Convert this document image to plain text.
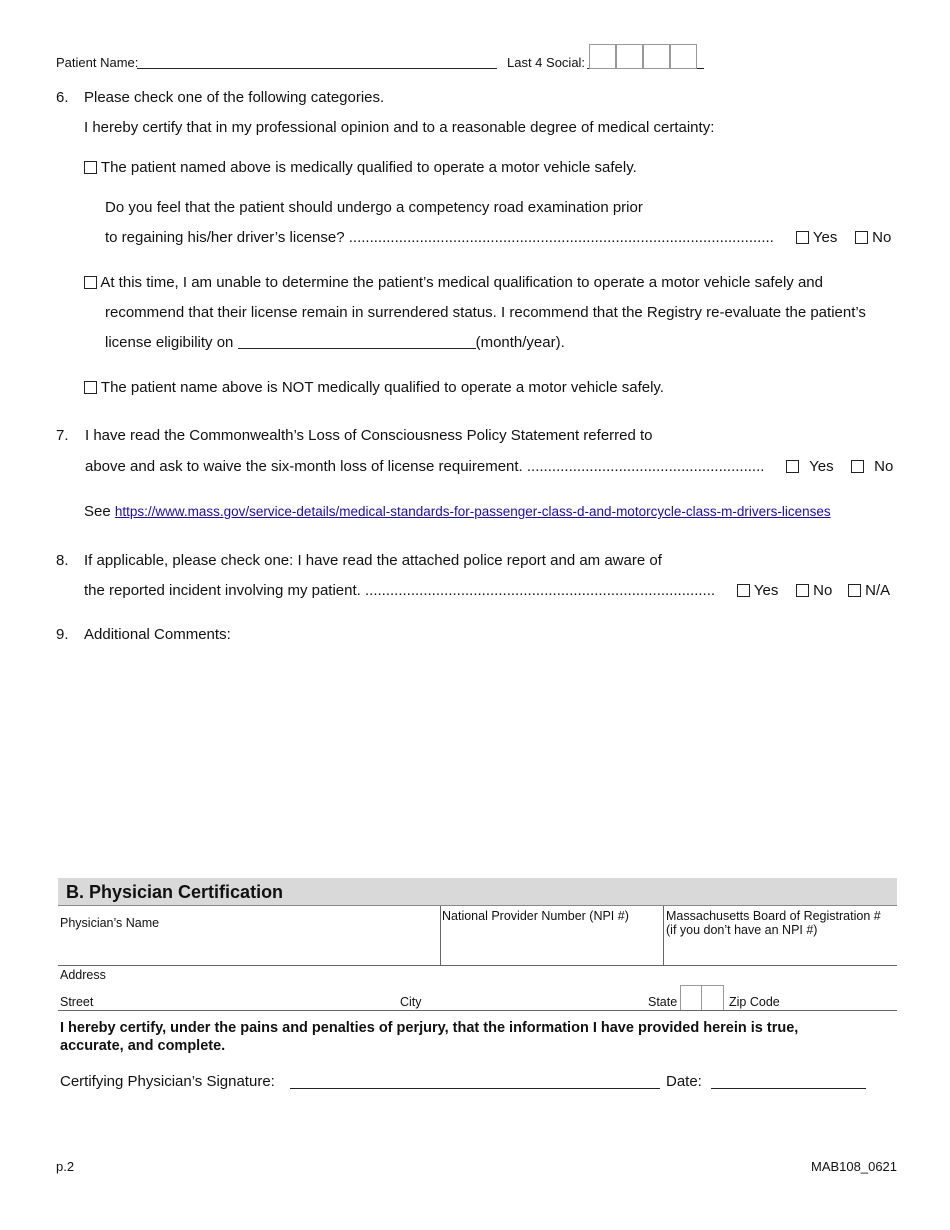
Patient Name:	Last 4 Social:
6. Please check one of the following categories.
I hereby certify that in my professional opinion and to a reasonable degree of medical certainty:
The patient named above is medically qualified to operate a motor vehicle safely.
Do you feel that the patient should undergo a competency road examination prior
to regaining his/her driver’s license? ......................................................................................................	Yes	No
At this time, I am unable to determine the patient’s medical qualification to operate a motor vehicle safely and
recommend that their license remain in surrendered status. I recommend that the Registry re-evaluate the patient’s
license eligibility on	(month/year).
The patient name above is NOT medically qualified to operate a motor vehicle safely.
7. I have read the Commonwealth’s Loss of Consciousness Policy Statement referred to
above and ask to waive the six-month loss of license requirement. .........................................................	Yes	No
See https://www.mass.gov/service-details/medical-standards-for-passenger-class-d-and-motorcycle-class-m-drivers-licenses
8. If applicable, please check one: I have read the attached police report and am aware of
the reported incident involving my patient. ....................................................................................	Yes	No	N/A
9. Additional Comments:
B. Physician Certification
Physician’s Name	National Provider Number (NPI #)	Massachusetts Board of Registration #
(if you don’t have an NPI #)
Address
Street	City	State	Zip Code
I hereby certify, under the pains and penalties of perjury, that the information I have provided herein is true,
accurate, and complete.
Certifying Physician’s Signature:	Date:
p.2	MAB108_0621
